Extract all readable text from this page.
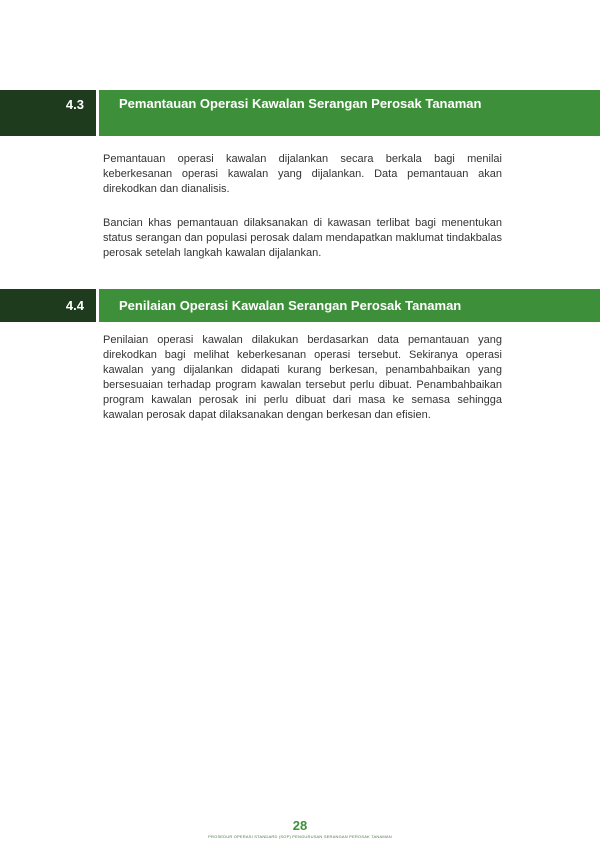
4.3	Pemantauan Operasi Kawalan Serangan Perosak Tanaman

Pemantauan operasi kawalan dijalankan secara berkala bagi menilai keberkesanan operasi kawalan yang dijalankan. Data pemantauan akan direkodkan dan dianalisis.

Bancian khas pemantauan dilaksanakan di kawasan terlibat bagi menentukan status serangan dan populasi perosak dalam mendapatkan maklumat tindakbalas perosak setelah langkah kawalan dijalankan.

4.4	Penilaian Operasi Kawalan Serangan Perosak Tanaman

Penilaian operasi kawalan dilakukan berdasarkan data pemantauan yang direkodkan bagi melihat keberkesanan operasi tersebut. Sekiranya operasi kawalan yang dijalankan didapati kurang berkesan, penambahbaikan yang bersesuaian terhadap program kawalan tersebut perlu dibuat. Penambahbaikan program kawalan perosak ini perlu dibuat dari masa ke semasa sehingga kawalan perosak dapat dilaksanakan dengan berkesan dan efisien.

28
PROSEDUR OPERASI STANDARD (SOP) PENGURUSAN SERANGAN PEROSAK TANAMAN
